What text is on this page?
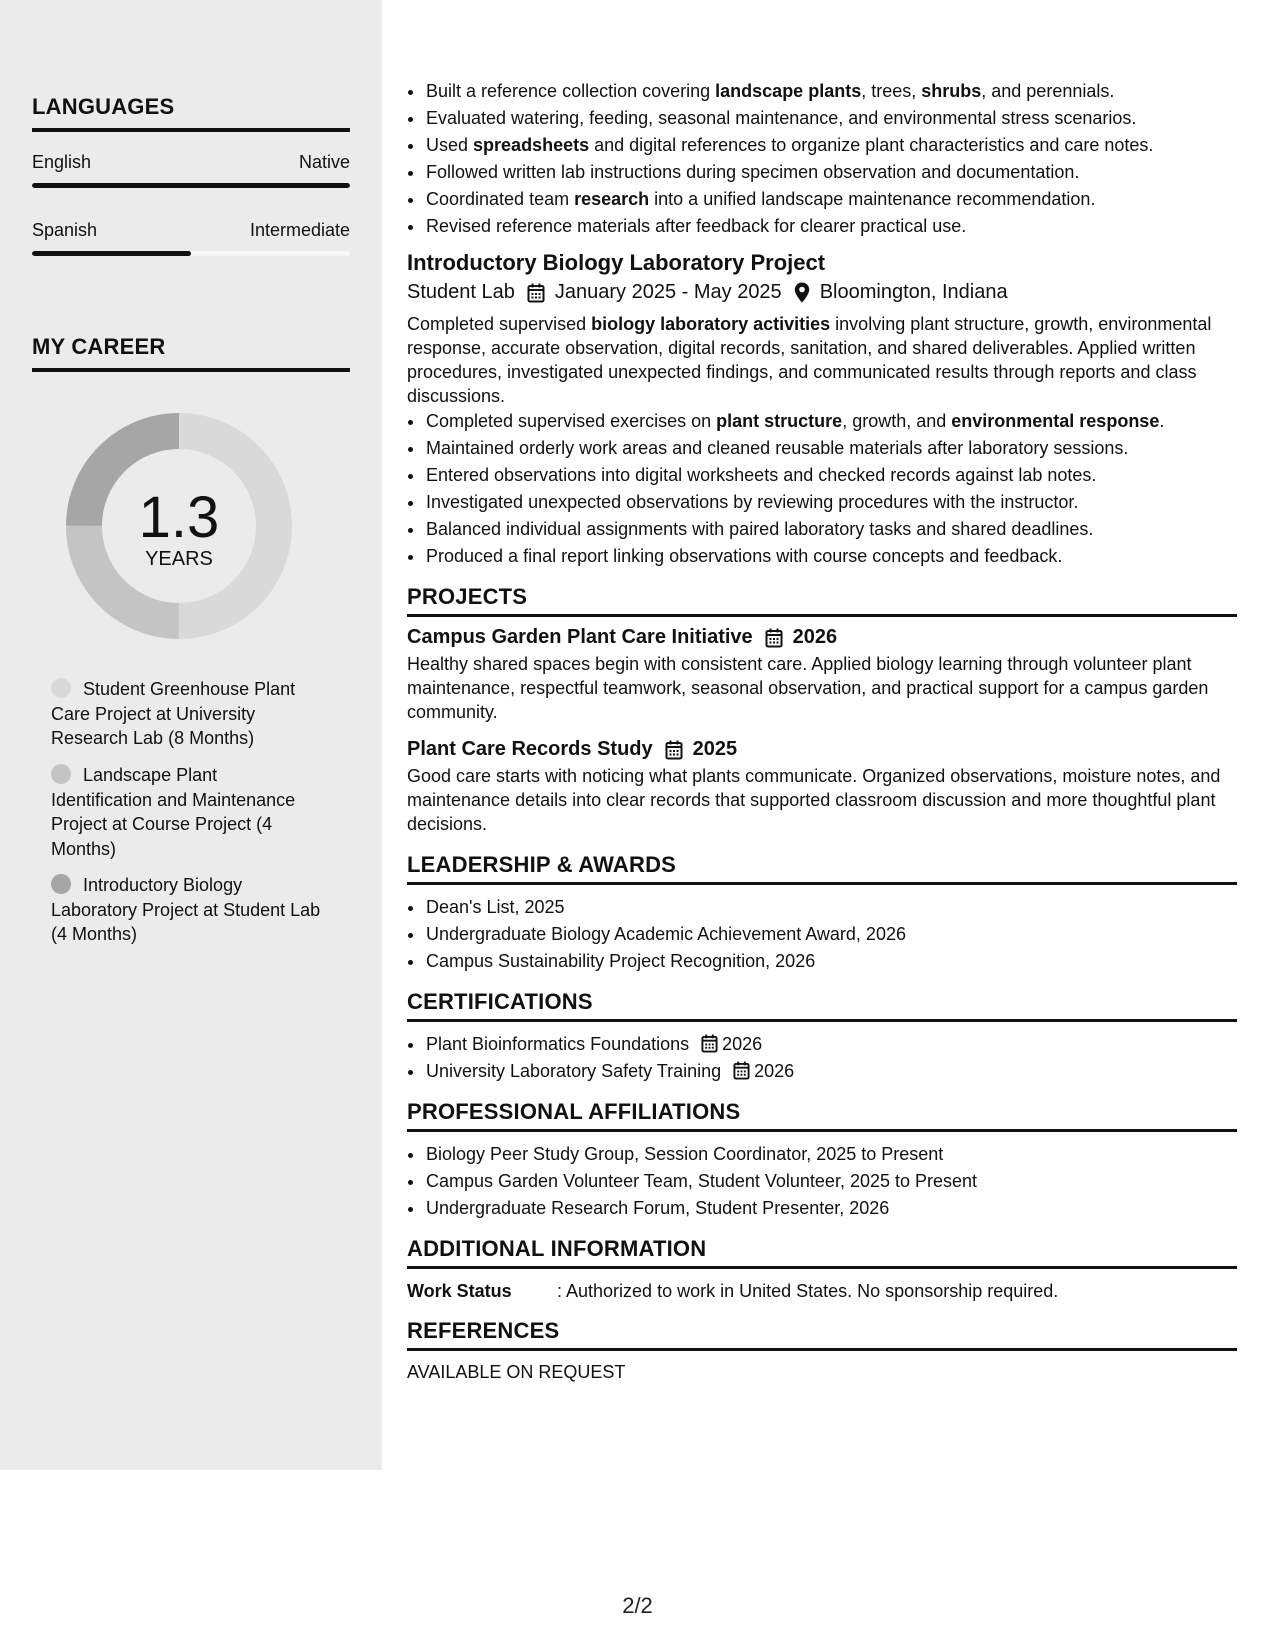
LANGUAGES
English	Native
Spanish	Intermediate
MY CAREER
1.3
YEARS
Student Greenhouse Plant Care Project at University Research Lab (8 Months)
Landscape Plant Identification and Maintenance Project at Course Project (4 Months)
Introductory Biology Laboratory Project at Student Lab (4 Months)
• Built a reference collection covering landscape plants, trees, shrubs, and perennials.
• Evaluated watering, feeding, seasonal maintenance, and environmental stress scenarios.
• Used spreadsheets and digital references to organize plant characteristics and care notes.
• Followed written lab instructions during specimen observation and documentation.
• Coordinated team research into a unified landscape maintenance recommendation.
• Revised reference materials after feedback for clearer practical use.
Introductory Biology Laboratory Project
Student Lab January 2025 - May 2025 Bloomington, Indiana

Completed supervised biology laboratory activities involving plant structure, growth, environmental response, accurate observation, digital records, sanitation, and shared deliverables. Applied written procedures, investigated unexpected findings, and communicated results through reports and class discussions.

• Completed supervised exercises on plant structure, growth, and environmental response.
• Maintained orderly work areas and cleaned reusable materials after laboratory sessions.
• Entered observations into digital worksheets and checked records against lab notes.
• Investigated unexpected observations by reviewing procedures with the instructor.
• Balanced individual assignments with paired laboratory tasks and shared deadlines.
• Produced a final report linking observations with course concepts and feedback.
PROJECTS
Campus Garden Plant Care Initiative 2026

Healthy shared spaces begin with consistent care. Applied biology learning through volunteer plant maintenance, respectful teamwork, seasonal observation, and practical support for a campus garden community.

Plant Care Records Study 2025

Good care starts with noticing what plants communicate. Organized observations, moisture notes, and maintenance details into clear records that supported classroom discussion and more thoughtful plant decisions.

LEADERSHIP & AWARDS
• Dean's List, 2025
• Undergraduate Biology Academic Achievement Award, 2026
• Campus Sustainability Project Recognition, 2026
CERTIFICATIONS
• Plant Bioinformatics Foundations 2026
• University Laboratory Safety Training 2026
PROFESSIONAL AFFILIATIONS
• Biology Peer Study Group, Session Coordinator, 2025 to Present
• Campus Garden Volunteer Team, Student Volunteer, 2025 to Present
• Undergraduate Research Forum, Student Presenter, 2026
ADDITIONAL INFORMATION
Work Status	: Authorized to work in United States. No sponsorship required.
REFERENCES

AVAILABLE ON REQUEST

2/2
